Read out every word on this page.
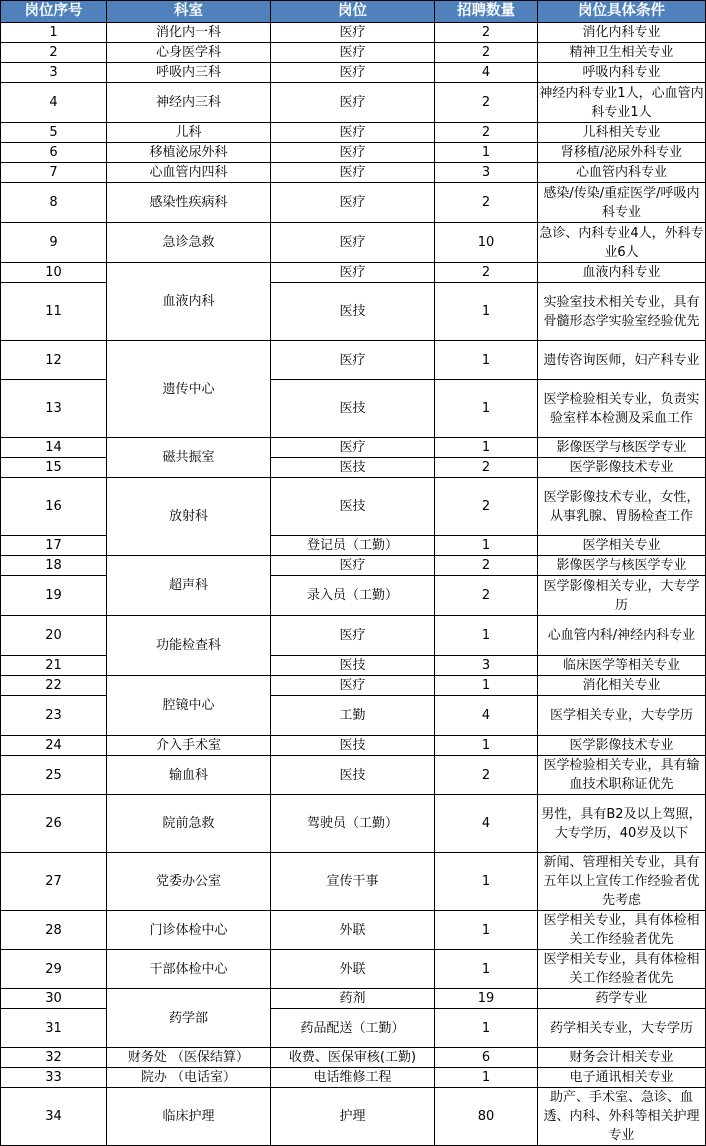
岗位序号	科室	岗位	招聘数量	岗位具体条件
1	消化内一科	医疗	2	消化内科专业
2	心身医学科	医疗	2	精神卫生相关专业
3	呼吸内三科	医疗	4	呼吸内科专业
4	神经内三科	医疗	2	神经内科专业1人，心血管内科专业1人
5	儿科	医疗	2	儿科相关专业
6	移植泌尿外科	医疗	1	肾移植/泌尿外科专业
7	心血管内四科	医疗	3	心血管内科专业
8	感染性疾病科	医疗	2	感染/传染/重症医学/呼吸内科专业
9	急诊急救	医疗	10	急诊、内科专业4人，外科专业6人
10	血液内科	医疗	2	血液内科专业
11		医技	1	实验室技术相关专业，具有骨髓形态学实验室经验优先
12	遗传中心	医疗	1	遗传咨询医师，妇产科专业
13		医技	1	医学检验相关专业，负责实验室样本检测及采血工作
14	磁共振室	医疗	1	影像医学与核医学专业
15		医技	2	医学影像技术专业
16	放射科	医技	2	医学影像技术专业，女性，从事乳腺、胃肠检查工作
17		登记员（工勤）	1	医学相关专业
18	超声科	医疗	2	影像医学与核医学专业
19		录入员（工勤）	2	医学影像相关专业，大专学历
20	功能检查科	医疗	1	心血管内科/神经内科专业
21		医技	3	临床医学等相关专业
22	腔镜中心	医疗	1	消化相关专业
23		工勤	4	医学相关专业，大专学历
24	介入手术室	医技	1	医学影像技术专业
25	输血科	医技	2	医学检验相关专业，具有输血技术职称证优先
26	院前急救	驾驶员（工勤）	4	男性，具有B2及以上驾照，大专学历，40岁及以下
27	党委办公室	宣传干事	1	新闻、管理相关专业，具有五年以上宣传工作经验者优先考虑
28	门诊体检中心	外联	1	医学相关专业，具有体检相关工作经验者优先
29	干部体检中心	外联	1	医学相关专业，具有体检相关工作经验者优先
30	药学部	药剂	19	药学专业
31		药品配送（工勤）	1	药学相关专业，大专学历
32	财务处 （医保结算）	收费、医保审核(工勤)	6	财务会计相关专业
33	院办 （电话室）	电话维修工程	1	电子通讯相关专业
34	临床护理	护理	80	助产、手术室、急诊、血透、内科、外科等相关护理专业
